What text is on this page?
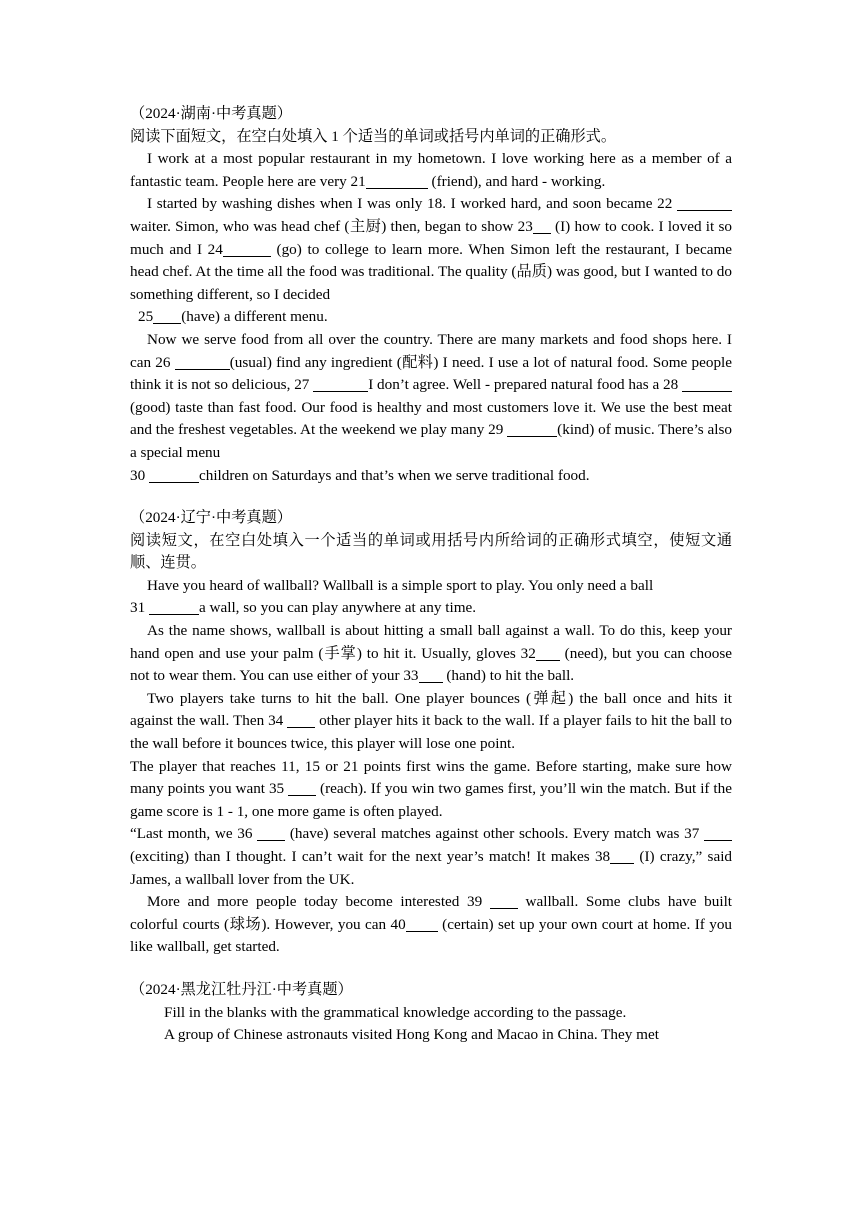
（2024·湖南·中考真题）

阅读下面短文，在空白处填入 1 个适当的单词或括号内单词的正确形式。

I work at a most popular restaurant in my hometown. I love working here as a member of a fantastic team. People here are very 21	(friend), and hard - working.

I started by washing dishes when I was only 18. I worked hard, and soon became 22 waiter. Simon, who was head chef (主厨) then, began to show 23 (I) how to cook. I loved it so much and I 24	(go) to college to learn more. When Simon left the restaurant, I became head chef. At the time all the food was traditional. The quality (品质) was good, but I wanted to do something different, so I decided

25 (have) a different menu.

Now we serve food from all over the country. There are many markets and food shops here. I can 26	(usual) find any ingredient (配料) I need. I use a lot of natural food. Some people think it is not so delicious, 27	I don’t agree. Well - prepared natural food has a 28 (good) taste than fast food. Our food is healthy and most customers love it. We use the best meat and the freshest vegetables. At the weekend we play many 29	(kind) of music. There’s also a special menu

30	children on Saturdays and that’s when we serve traditional food.

（2024·辽宁·中考真题）

阅读短文，在空白处填入一个适当的单词或用括号内所给词的正确形式填空，使短文通顺、连贯。

Have you heard of wallball? Wallball is a simple sport to play. You only need a ball

31	a wall, so you can play anywhere at any time.

As the name shows, wallball is about hitting a small ball against a wall. To do this, keep your hand open and use your palm (手掌) to hit it. Usually, gloves 32 (need), but you can choose not to wear them. You can use either of your 33 (hand) to hit the ball.

Two players take turns to hit the ball. One player bounces (弹起) the ball once and hits it against the wall. Then 34  other player hits it back to the wall. If a player fails to hit the ball to the wall before it bounces twice, this player will lose one point.

The player that reaches 11, 15 or 21 points first wins the game. Before starting, make sure how many points you want 35  (reach). If you win two games first, you’ll win the match. But if the game score is 1 - 1, one more game is often played.

“Last month, we 36  (have) several matches against other schools. Every match was 37  (exciting) than I thought. I can’t wait for the next year’s match! It makes 38 (I) crazy,” said James, a wallball lover from the UK.

More and more people today become interested 39  wallball. Some clubs have built colorful courts (球场). However, you can 40 (certain) set up your own court at home. If you like wallball, get started.

（2024·黑龙江牡丹江·中考真题）

Fill in the blanks with the grammatical knowledge according to the passage.

A group of Chinese astronauts visited Hong Kong and Macao in China. They met
